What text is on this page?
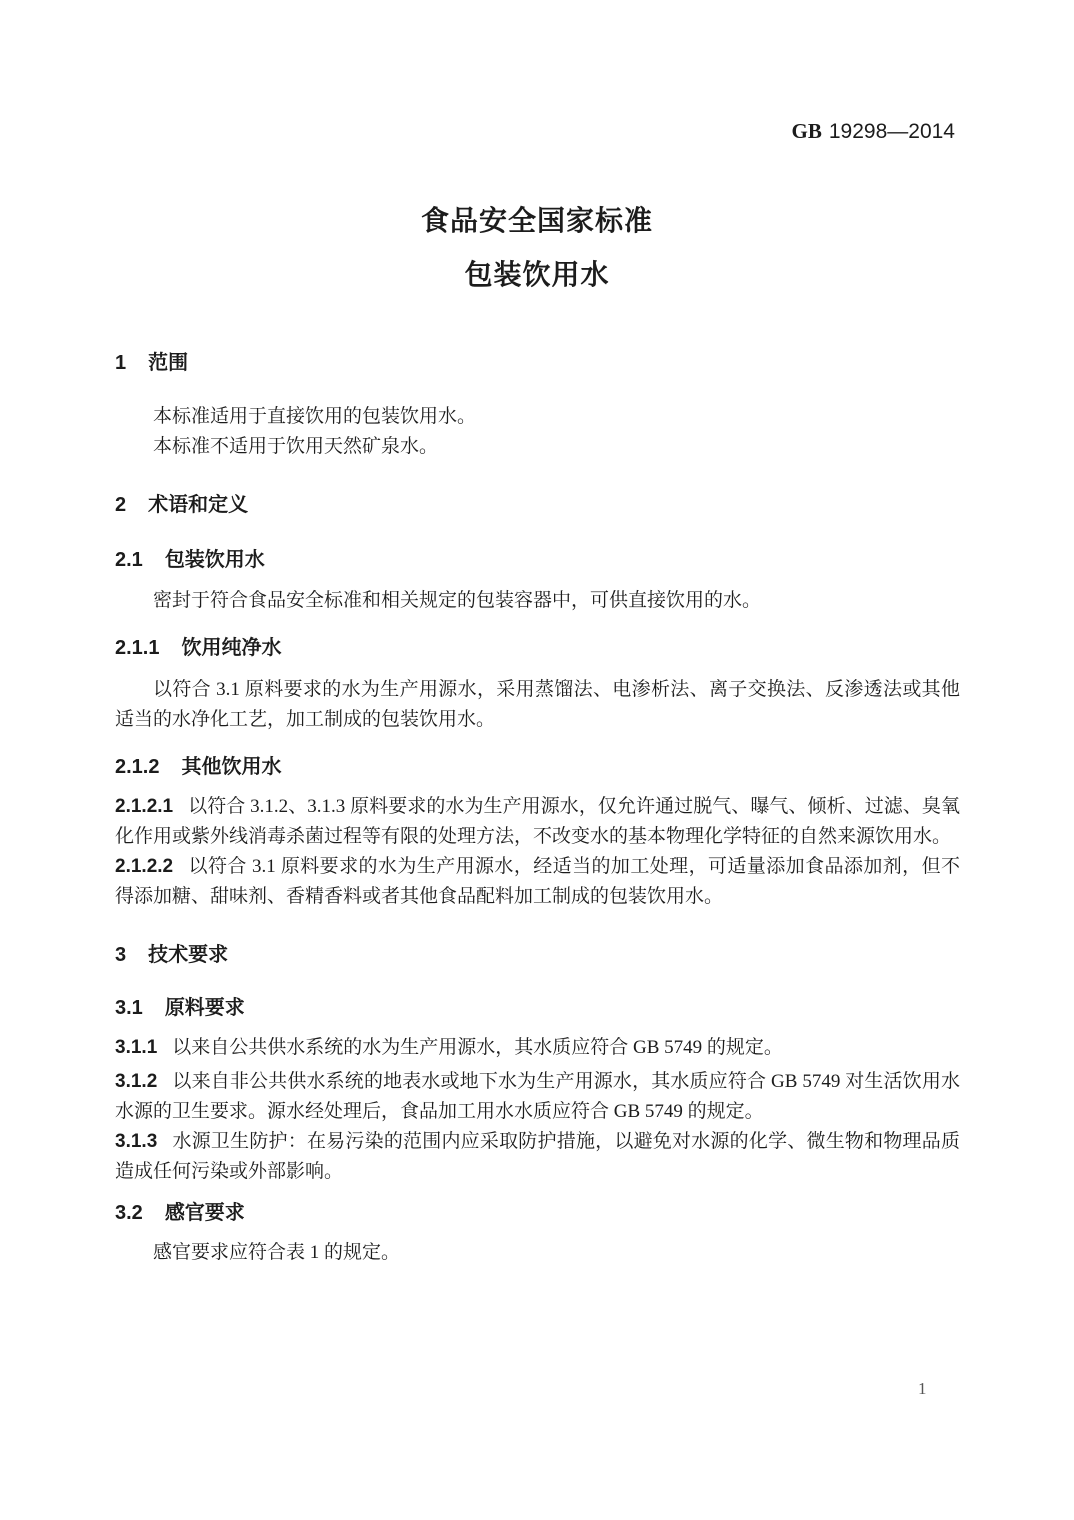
GB 19298—2014
食品安全国家标准
包装饮用水
1 范围
本标准适用于直接饮用的包装饮用水。
本标准不适用于饮用天然矿泉水。
2 术语和定义
2.1 包装饮用水

密封于符合食品安全标准和相关规定的包装容器中，可供直接饮用的水。

2.1.1 饮用纯净水

以符合 3.1 原料要求的水为生产用源水，采用蒸馏法、电渗析法、离子交换法、反渗透法或其他适当的水净化工艺，加工制成的包装饮用水。

2.1.2 其他饮用水

2.1.2.1 以符合 3.1.2、3.1.3 原料要求的水为生产用源水，仅允许通过脱气、曝气、倾析、过滤、臭氧化作用或紫外线消毒杀菌过程等有限的处理方法，不改变水的基本物理化学特征的自然来源饮用水。

2.1.2.2 以符合 3.1 原料要求的水为生产用源水，经适当的加工处理，可适量添加食品添加剂，但不得添加糖、甜味剂、香精香料或者其他食品配料加工制成的包装饮用水。

3 技术要求
3.1 原料要求

3.1.1 以来自公共供水系统的水为生产用源水，其水质应符合 GB 5749 的规定。

3.1.2 以来自非公共供水系统的地表水或地下水为生产用源水，其水质应符合 GB 5749 对生活饮用水水源的卫生要求。源水经处理后，食品加工用水水质应符合 GB 5749 的规定。

3.1.3 水源卫生防护：在易污染的范围内应采取防护措施，以避免对水源的化学、微生物和物理品质造成任何污染或外部影响。

3.2 感官要求

感官要求应符合表 1 的规定。

1
